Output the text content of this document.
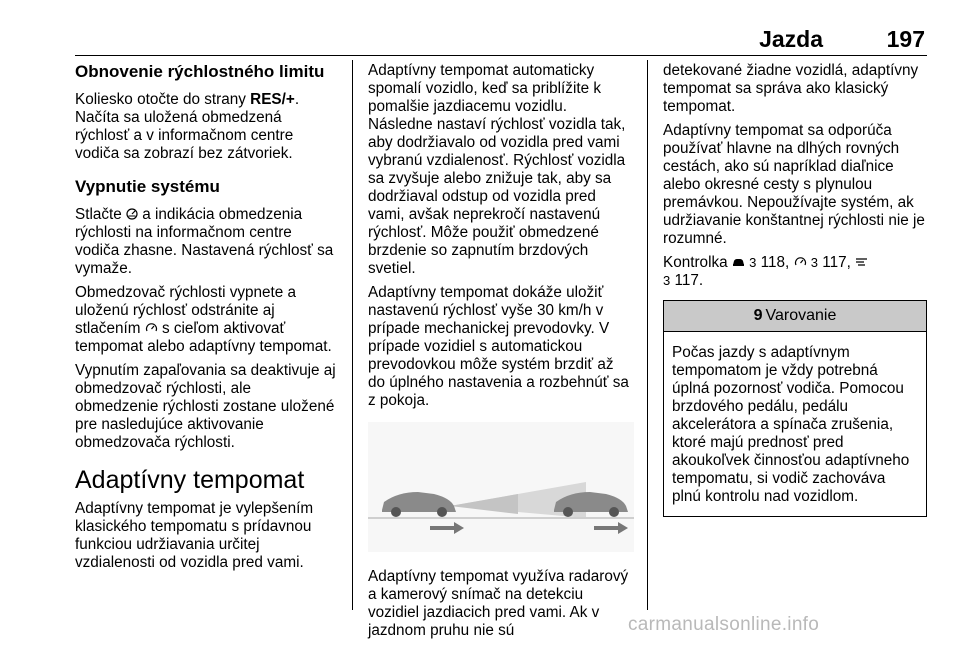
Jazda	197
Obnovenie rýchlostného limitu

Koliesko otočte do strany RES/+. Načíta sa uložená obmedzená rýchlosť a v informačnom centre vodiča sa zobrazí bez zátvoriek.

Vypnutie systému

Stlačte  a indikácia obmedzenia rýchlosti na informačnom centre vodiča zhasne. Nastavená rýchlosť sa vymaže.

Obmedzovač rýchlosti vypnete a uloženú rýchlosť odstránite aj stlačením  s cieľom aktivovať tempomat alebo adaptívny tempomat.

Vypnutím zapaľovania sa deaktivuje aj obmedzovač rýchlosti, ale obmedzenie rýchlosti zostane uložené pre nasledujúce aktivovanie obmedzovača rýchlosti.

Adaptívny tempomat

Adaptívny tempomat je vylepšením klasického tempomatu s prídavnou funkciou udržiavania určitej vzdialenosti od vozidla pred vami.

Adaptívny tempomat automaticky spomalí vozidlo, keď sa priblížite k pomalšie jazdiacemu vozidlu. Následne nastaví rýchlosť vozidla tak, aby dodržiavalo od vozidla pred vami vybranú vzdialenosť. Rýchlosť vozidla sa zvyšuje alebo znižuje tak, aby sa dodržiaval odstup od vozidla pred vami, avšak neprekročí nastavenú rýchlosť. Môže použiť obmedzené brzdenie so zapnutím brzdových svetiel.

Adaptívny tempomat dokáže uložiť nastavenú rýchlosť vyše 30 km/h v prípade mechanickej prevodovky. V prípade vozidiel s automatickou prevodovkou môže systém brzdiť až do úplného nastavenia a rozbehnúť sa z pokoja.

Adaptívny tempomat využíva radarový a kamerový snímač na detekciu vozidiel jazdiacich pred vami. Ak v jazdnom pruhu nie sú

detekované žiadne vozidlá, adaptívny tempomat sa správa ako klasický tempomat.

Adaptívny tempomat sa odporúča používať hlavne na dlhých rovných cestách, ako sú napríklad diaľnice alebo okresné cesty s plynulou premávkou. Nepoužívajte systém, ak udržiavanie konštantnej rýchlosti nie je rozumné.

Kontrolka  3 118,  3 117,
3 117.

9 Varovanie
Počas jazdy s adaptívnym tempomatom je vždy potrebná úplná pozornosť vodiča. Pomocou brzdového pedálu, pedálu akcelerátora a spínača zrušenia, ktoré majú prednosť pred akoukoľvek činnosťou adaptívneho tempomatu, si vodič zachováva plnú kontrolu nad vozidlom.
carmanualsonline.info
